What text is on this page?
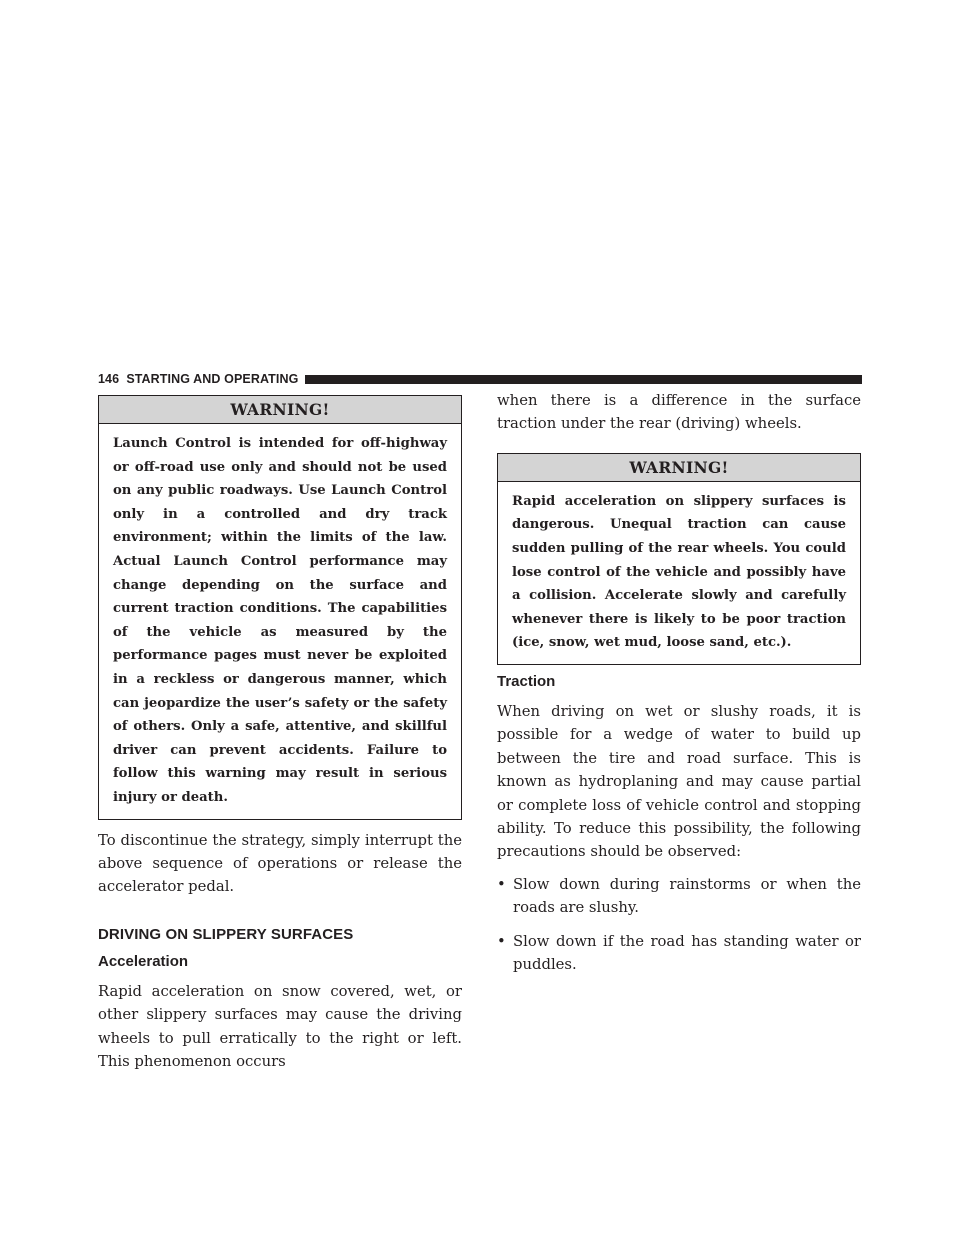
146 STARTING AND OPERATING
WARNING!
Launch Control is intended for off-highway or off-road use only and should not be used on any public roadways. Use Launch Control only in a controlled and dry track environment; within the limits of the law. Actual Launch Control performance may change depending on the surface and current traction conditions. The capabilities of the vehicle as measured by the performance pages must never be exploited in a reckless or dangerous manner, which can jeopardize the user’s safety or the safety of others. Only a safe, attentive, and skillful driver can prevent accidents. Failure to follow this warning may result in serious injury or death.

To discontinue the strategy, simply interrupt the above sequence of operations or release the accelerator pedal.

DRIVING ON SLIPPERY SURFACES
Acceleration

Rapid acceleration on snow covered, wet, or other slippery surfaces may cause the driving wheels to pull erratically to the right or left. This phenomenon occurs

when there is a difference in the surface traction under the rear (driving) wheels.

WARNING!
Rapid acceleration on slippery surfaces is dangerous. Unequal traction can cause sudden pulling of the rear wheels. You could lose control of the vehicle and possibly have a collision. Accelerate slowly and carefully whenever there is likely to be poor traction (ice, snow, wet mud, loose sand, etc.).
Traction

When driving on wet or slushy roads, it is possible for a wedge of water to build up between the tire and road surface. This is known as hydroplaning and may cause partial or complete loss of vehicle control and stopping ability. To reduce this possibility, the following precautions should be observed:

• Slow down during rainstorms or when the roads are slushy.
• Slow down if the road has standing water or puddles.
